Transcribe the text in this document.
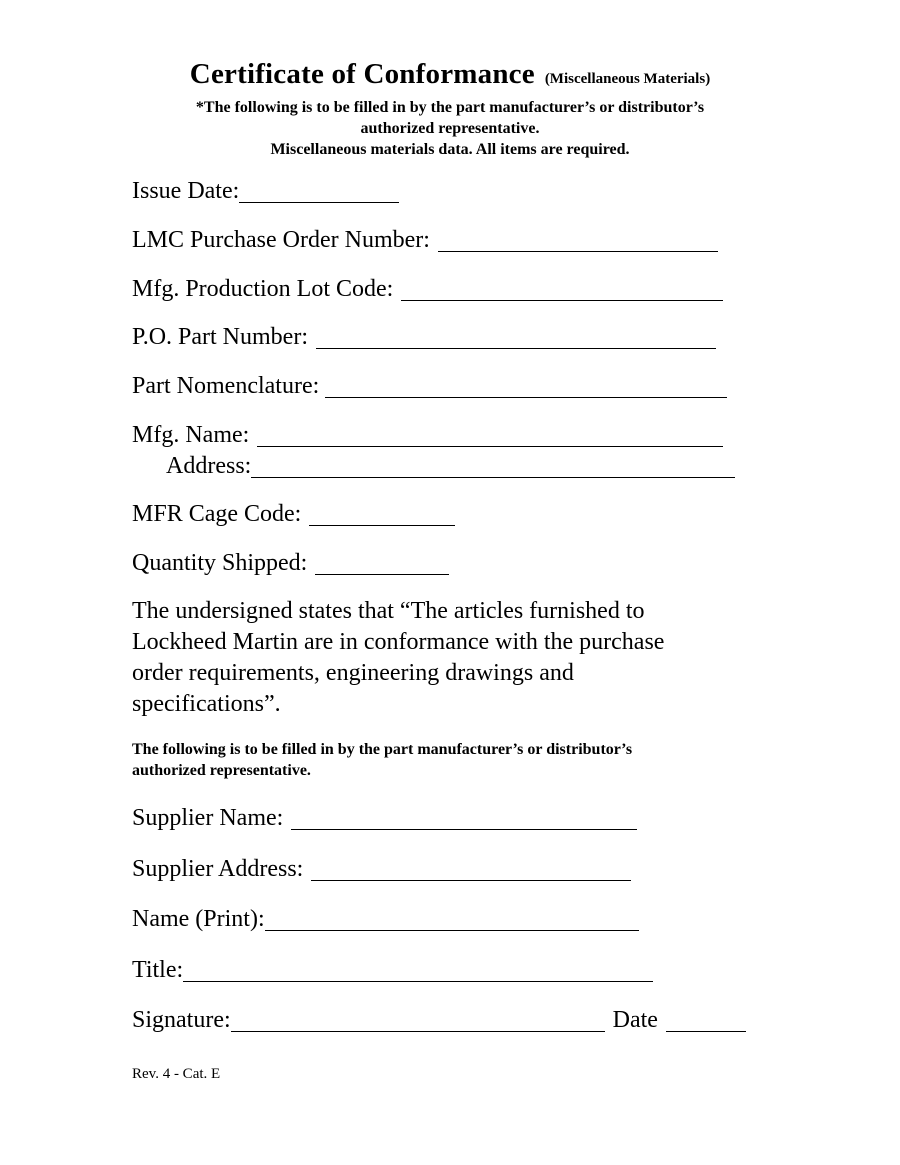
Certificate of Conformance (Miscellaneous Materials)
*The following is to be filled in by the part manufacturer’s or distributor’s
authorized representative.
Miscellaneous materials data. All items are required.
Issue Date:
LMC Purchase Order Number:
Mfg. Production Lot Code:
P.O. Part Number:
Part Nomenclature:
Mfg. Name:
Address:
MFR Cage Code:
Quantity Shipped:
The undersigned states that “The articles furnished to
Lockheed Martin are in conformance with the purchase
order requirements, engineering drawings and
specifications”.
The following is to be filled in by the part manufacturer’s or distributor’s
authorized representative.
Supplier Name:
Supplier Address:
Name (Print):
Title:
Signature:	Date
Rev. 4 - Cat. E
